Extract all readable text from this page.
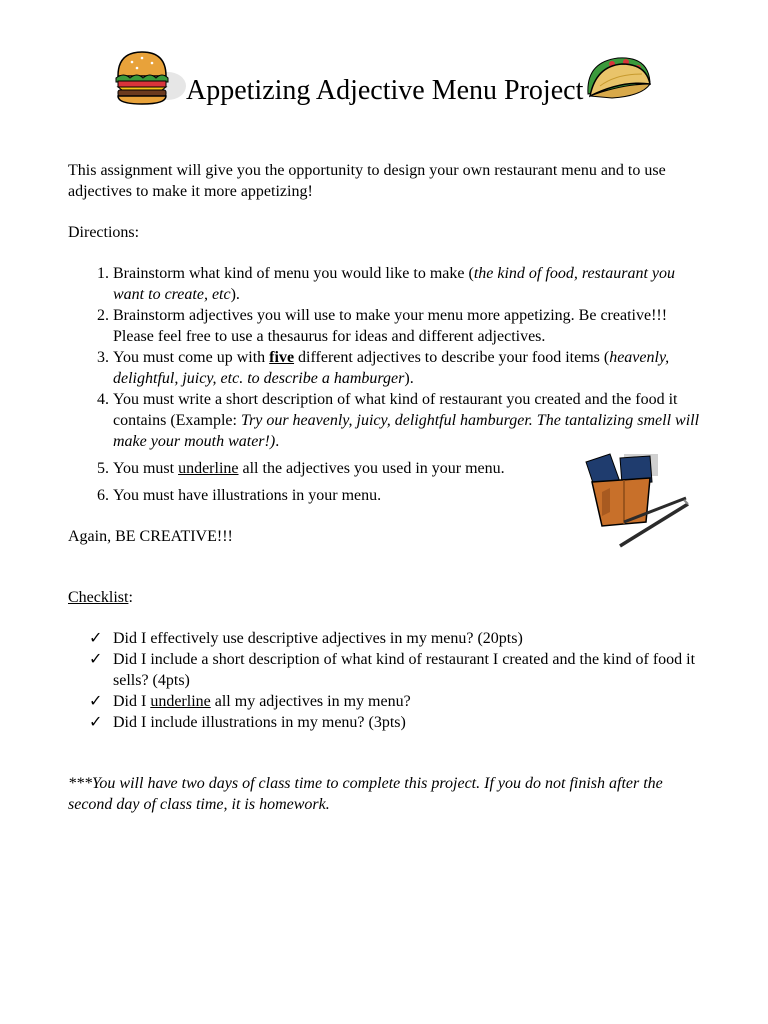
Appetizing Adjective Menu Project

This assignment will give you the opportunity to design your own restaurant menu and to use adjectives to make it more appetizing!

Directions:

1. Brainstorm what kind of menu you would like to make (the kind of food, restaurant you want to create, etc).
2. Brainstorm adjectives you will use to make your menu more appetizing. Be creative!!! Please feel free to use a thesaurus for ideas and different adjectives.
3. You must come up with five different adjectives to describe your food items (heavenly, delightful, juicy, etc. to describe a hamburger).
4. You must write a short description of what kind of restaurant you created and the food it contains (Example: Try our heavenly, juicy, delightful hamburger. The tantalizing smell will make your mouth water!).
5. You must underline all the adjectives you used in your menu.
6. You must have illustrations in your menu.

Again, BE CREATIVE!!!

Checklist:

✓ Did I effectively use descriptive adjectives in my menu? (20pts)
✓ Did I include a short description of what kind of restaurant I created and the kind of food it sells? (4pts)
✓ Did I underline all my adjectives in my menu?
✓ Did I include illustrations in my menu? (3pts)

***You will have two days of class time to complete this project. If you do not finish after the second day of class time, it is homework.
